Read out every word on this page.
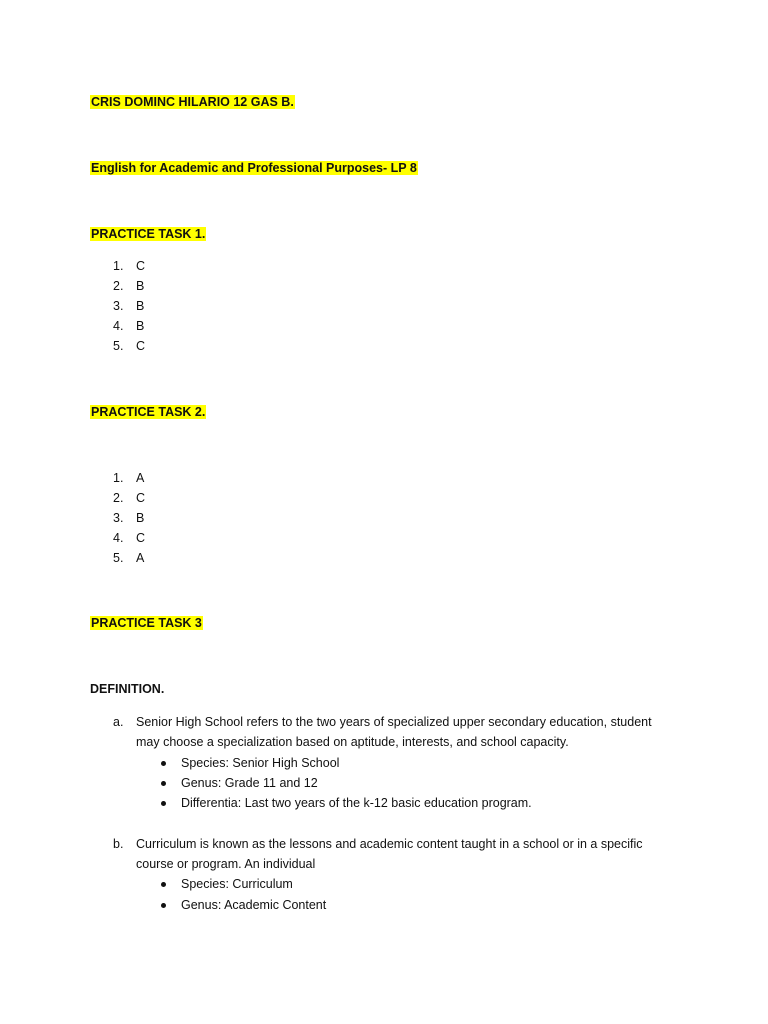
CRIS DOMINC HILARIO 12 GAS B.
English for Academic and Professional Purposes- LP 8
PRACTICE TASK 1.
1. C
2. B
3. B
4. B
5. C
PRACTICE TASK 2.
1. A
2. C
3. B
4. C
5. A
PRACTICE TASK 3
DEFINITION.
a. Senior High School refers to the two years of specialized upper secondary education, student
may choose a specialization based on aptitude, interests, and school capacity.
Species: Senior High School
Genus: Grade 11 and 12
Differentia: Last two years of the k-12 basic education program.
b. Curriculum is known as the lessons and academic content taught in a school or in a specific
course or program. An individual
Species: Curriculum
Genus: Academic Content
